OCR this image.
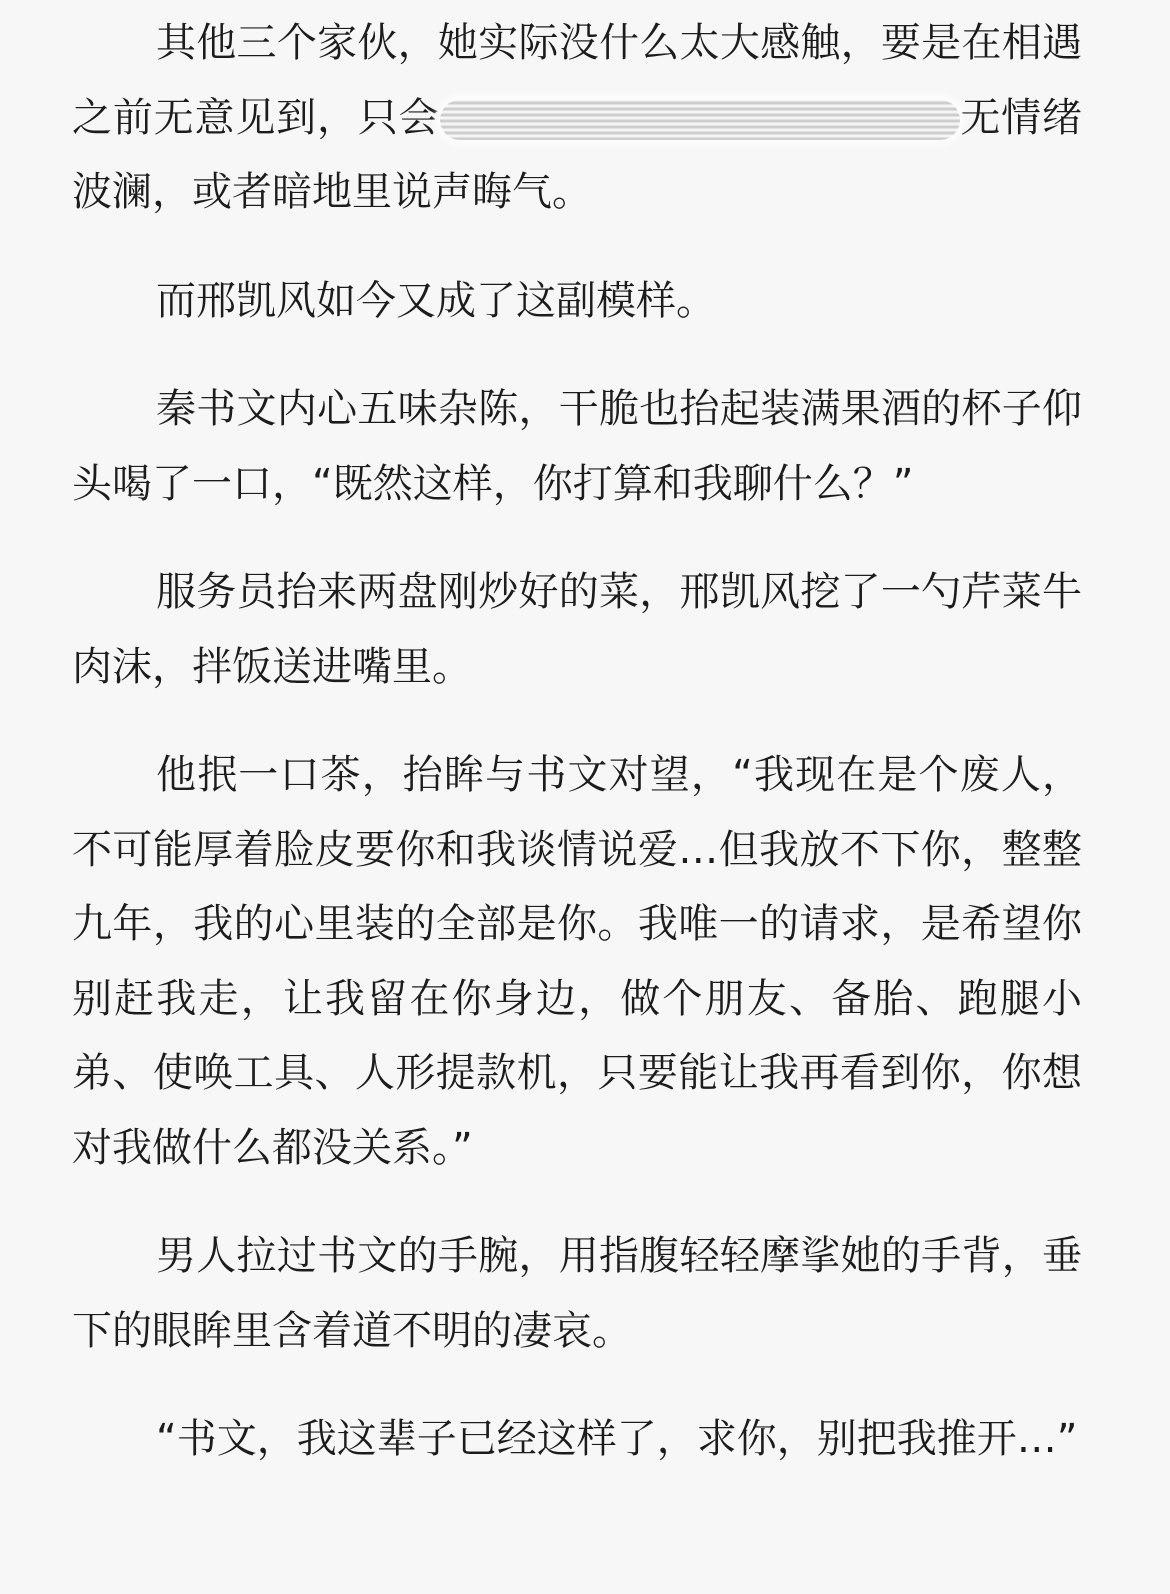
其他三个家伙，她实际没什么太大感触，要是在相遇之前无意见到，只会	无情绪波澜，或者暗地里说声晦气。

而邢凯风如今又成了这副模样。

秦书文内心五味杂陈，干脆也抬起装满果酒的杯子仰头喝了一口，“既然这样，你打算和我聊什么？”

服务员抬来两盘刚炒好的菜，邢凯风挖了一勺芹菜牛肉沫，拌饭送进嘴里。

他抿一口茶，抬眸与书文对望，“我现在是个废人，不可能厚着脸皮要你和我谈情说爱…但我放不下你，整整九年，我的心里装的全部是你。我唯一的请求，是希望你别赶我走，让我留在你身边，做个朋友、备胎、跑腿小弟、使唤工具、人形提款机，只要能让我再看到你，你想对我做什么都没关系。”

男人拉过书文的手腕，用指腹轻轻摩挲她的手背，垂下的眼眸里含着道不明的凄哀。

“书文，我这辈子已经这样了，求你，别把我推开…”
